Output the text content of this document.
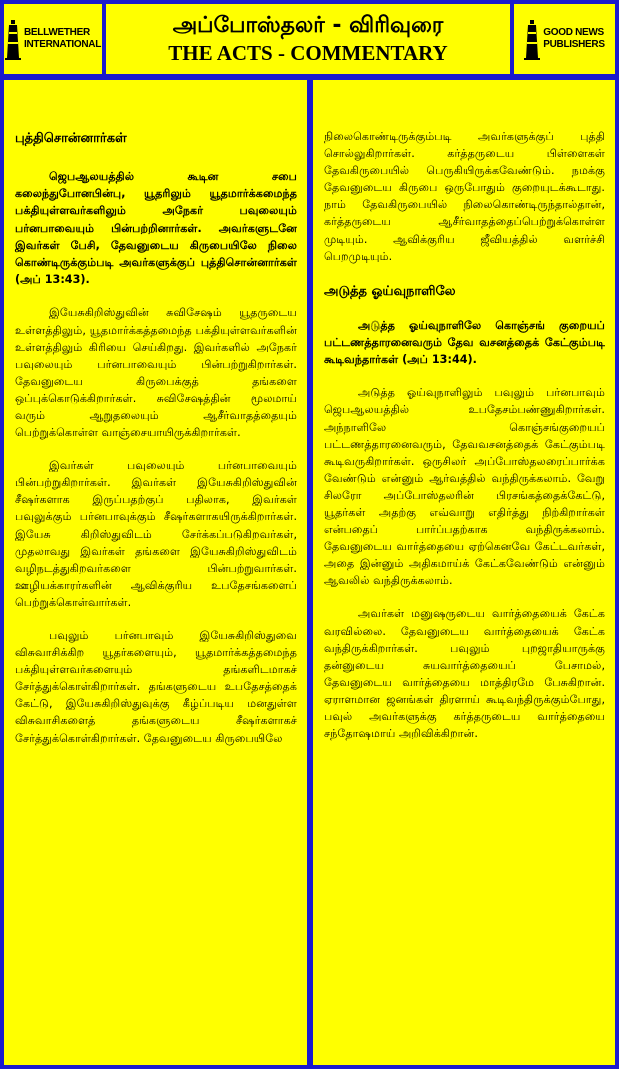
BELLWETHER
INTERNATIONAL
அப்போஸ்தலர் - விரிவுரை
THE ACTS - COMMENTARY
GOOD NEWS
PUBLISHERS
புத்திசொன்னார்கள்

ஜெபஆலயத்தில் கூடின சபை கலைந்துபோனபின்பு, யூதரிலும் யூதமார்க்கமைந்த பக்தியுள்ளவர்களிலும் அநேகர் பவுலையும் பர்னபாவையும் பின்பற்றினார்கள். அவர்களுடனே இவர்கள் பேசி, தேவனுடைய கிருபையிலே நிலை கொண்டிருக்கும்படி அவர்களுக்குப் புத்திசொன்னார்கள் (அப் 13:43).

இயேசுகிறிஸ்துவின் சுவிசேஷம் யூதருடைய உள்ளத்திலும், யூதமார்க்கத்தமைந்த பக்தியுள்ளவர்களின் உள்ளத்திலும் கிரியை செய்கிறது. இவர்களில் அநேகர் பவுலையும் பர்னபாவையும் பின்பற்றுகிறார்கள். தேவனுடைய கிருபைக்குத் தங்களை ஒப்புக்கொடுக்கிறார்கள். சுவிசேஷத்தின் மூலமாய் வரும் ஆறுதலையும் ஆசீர்வாதத்தையும் பெற்றுக்கொள்ள வாஞ்சையாயிருக்கிறார்கள்.

இவர்கள் பவுலையும் பர்னபாவையும் பின்பற்றுகிறார்கள். இவர்கள் இயேசுகிறிஸ்துவின் சீஷர்களாக இருப்பதற்குப் பதிலாக, இவர்கள் பவுலுக்கும் பர்னபாவுக்கும் சீஷர்களாகயிருக்கிறார்கள். இயேசு கிறிஸ்துவிடம் சேர்க்கப்படுகிறவர்கள், முதலாவது இவர்கள் தங்களை இயேசுகிறிஸ்துவிடம் வழிநடத்துகிறவர்களை பின்பற்றுவார்கள். ஊழியக்காரர்களின் ஆவிக்குரிய உபதேசங்களைப் பெற்றுக்கொள்வார்கள்.

பவுலும் பர்னபாவும் இயேசுகிறிஸ்துவை விசுவாசிக்கிற யூதர்களையும், யூதமார்க்கத்தமைந்த பக்தியுள்ளவர்களையும் தங்களிடமாகச் சேர்த்துக்கொள்கிறார்கள். தங்களுடைய உபதேசத்தைக் கேட்டு, இயேசுகிறிஸ்துவுக்கு கீழ்ப்படிய மனதுள்ள விசுவாசிகளைத் தங்களுடைய சீஷர்களாகச் சேர்த்துக்கொள்கிறார்கள். தேவனுடைய கிருபையிலே

நிலைகொண்டிருக்கும்படி அவர்களுக்குப் புத்தி சொல்லுகிறார்கள். கர்த்தருடைய பிள்ளைகள் தேவகிருபையில் பெருகியிருக்கவேண்டும். நமக்கு தேவனுடைய கிருபை ஒருபோதும் குறையுடக்கூடாது. நாம் தேவகிருபையில் நிலைகொண்டிருந்தால்தான், கர்த்தருடைய ஆசீர்வாதத்தைப்பெற்றுக்கொள்ள முடியும். ஆவிக்குரிய ஜீவியத்தில் வளர்ச்சி பெறமுடியும்.

அடுத்த ஓய்வுநாளிலே

அடுத்த ஓய்வுநாளிலே கொஞ்சங் குறையப் பட்டணத்தாரனைவரும் தேவ வசனத்தைக் கேட்கும்படி கூடிவந்தார்கள் (அப் 13:44).

அடுத்த ஓய்வுநாளிலும் பவுலும் பர்னபாவும் ஜெபஆலயத்தில் உபதேசம்பண்ணுகிறார்கள். அந்நாளிலே கொஞ்சங்குறையப் பட்டணத்தாரனைவரும், தேவவசனத்தைக் கேட்கும்படி கூடிவருகிறார்கள். ஒருசிலர் அப்போஸ்தலரைப்பார்க்க வேண்டும் என்னும் ஆர்வத்தில் வந்திருக்கலாம். வேறு சிலரோ அப்போஸ்தலரின் பிரசங்கத்தைக்கேட்டு, யூதர்கள் அதற்கு எவ்வாறு எதிர்த்து நிற்கிறார்கள் என்பதைப் பார்ப்பதற்காக வந்திருக்கலாம். தேவனுடைய வார்த்தையை ஏற்கெனவே கேட்டவர்கள், அதை இன்னும் அதிகமாய்க் கேட்கவேண்டும் என்னும் ஆவலில் வந்திருக்கலாம்.

அவர்கள் மனுஷருடைய வார்த்தையைக் கேட்க வரவில்லை. தேவனுடைய வார்த்தையைக் கேட்க வந்திருக்கிறார்கள். பவுலும் புறஜாதியாருக்கு தன்னுடைய சுயவார்த்தையைப் பேசாமல், தேவனுடைய வார்த்தையை மாத்திரமே பேசுகிறான். ஏராளமான ஜனங்கள் திரளாய் கூடிவந்திருக்கும்போது, பவுல் அவர்களுக்கு கர்த்தருடைய வார்த்தையை சந்தோஷமாய் அறிவிக்கிறான்.
